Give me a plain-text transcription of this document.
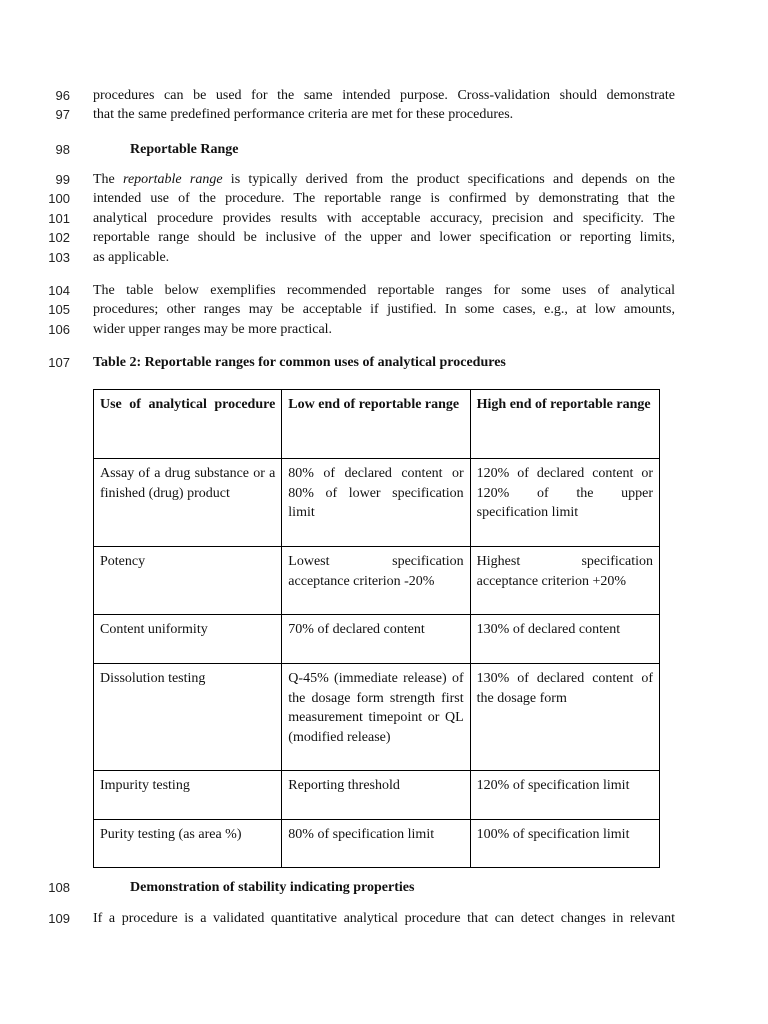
96 procedures can be used for the same intended purpose. Cross-validation should demonstrate
97 that the same predefined performance criteria are met for these procedures.
98	Reportable Range
99 The reportable range is typically derived from the product specifications and depends on the
100 intended use of the procedure. The reportable range is confirmed by demonstrating that the
101 analytical procedure provides results with acceptable accuracy, precision and specificity. The
102 reportable range should be inclusive of the upper and lower specification or reporting limits,
103 as applicable.
104 The table below exemplifies recommended reportable ranges for some uses of analytical
105 procedures; other ranges may be acceptable if justified. In some cases, e.g., at low amounts,
106 wider upper ranges may be more practical.
107 Table 2: Reportable ranges for common uses of analytical procedures
Use of analytical procedure	Low end of reportable range	High end of reportable range
Assay of a drug substance or a finished (drug) product	80% of declared content or 80% of lower specification limit	120% of declared content or 120% of the upper specification limit
Potency	Lowest specification acceptance criterion -20%	Highest specification acceptance criterion +20%
Content uniformity	70% of declared content	130% of declared content
Dissolution testing	Q-45% (immediate release) of the dosage form strength first measurement timepoint or QL (modified release)	130% of declared content of the dosage form
Impurity testing	Reporting threshold	120% of specification limit
Purity testing (as area %)	80% of specification limit	100% of specification limit
108	Demonstration of stability indicating properties
109 If a procedure is a validated quantitative analytical procedure that can detect changes in relevant
